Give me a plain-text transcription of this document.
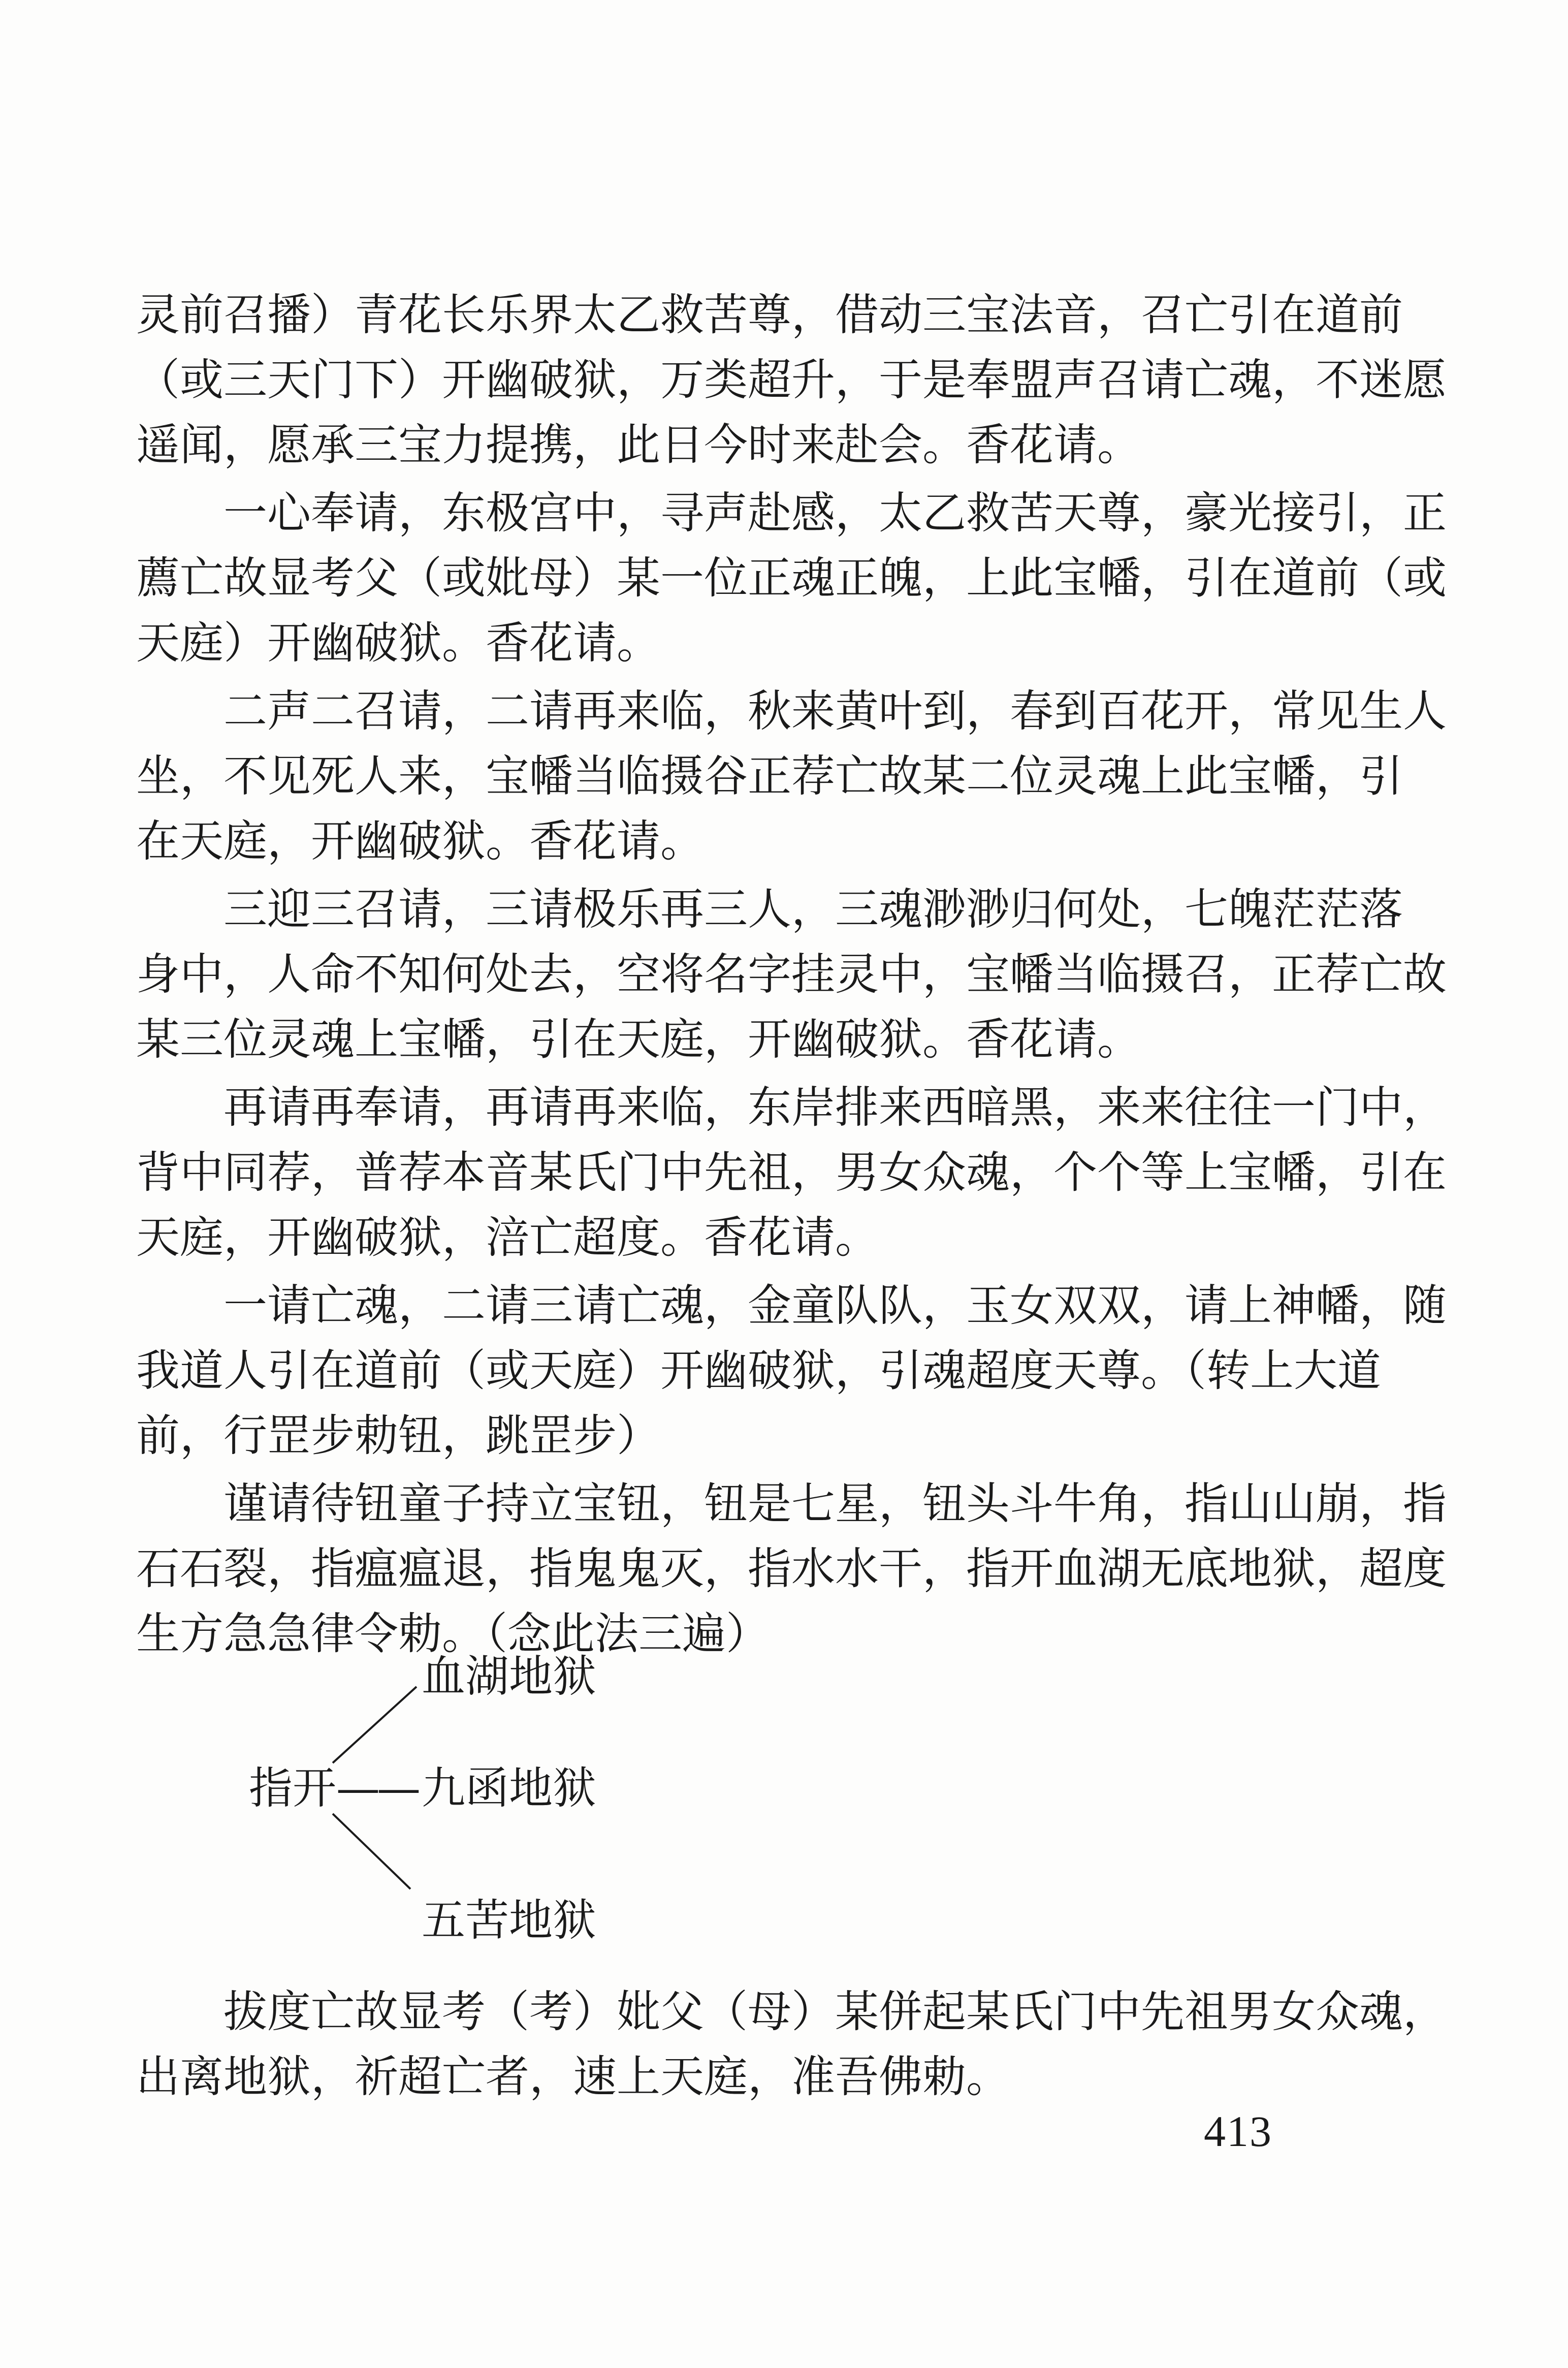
灵前召播）青花长乐界太乙救苦尊，借动三宝法音，召亡引在道前
（或三天门下）开幽破狱，万类超升，于是奉盟声召请亡魂，不迷愿
遥闻，愿承三宝力提携，此日今时来赴会。香花请。
一心奉请，东极宫中，寻声赴感，太乙救苦天尊，豪光接引，正
薦亡故显考父（或妣母）某一位正魂正魄，上此宝幡，引在道前（或
天庭）开幽破狱。香花请。
二声二召请，二请再来临，秋来黄叶到，春到百花开，常见生人
坐，不见死人来，宝幡当临摄谷正荐亡故某二位灵魂上此宝幡，引
在天庭，开幽破狱。香花请。
三迎三召请，三请极乐再三人，三魂渺渺归何处，七魄茫茫落
身中，人命不知何处去，空将名字挂灵中，宝幡当临摄召，正荐亡故
某三位灵魂上宝幡，引在天庭，开幽破狱。香花请。
再请再奉请，再请再来临，东岸排来西暗黑，来来往往一门中，
背中同荐，普荐本音某氏门中先祖，男女众魂，个个等上宝幡，引在
天庭，开幽破狱，涪亡超度。香花请。
一请亡魂，二请三请亡魂，金童队队，玉女双双，请上神幡，随
我道人引在道前（或天庭）开幽破狱，引魂超度天尊。（转上大道
前，行罡步勅钮，跳罡步）
谨请待钮童子持立宝钮，钮是七星，钮头斗牛角，指山山崩，指
石石裂，指瘟瘟退，指鬼鬼灭，指水水干，指开血湖无底地狱，超度
生方急急律令勅。（念此法三遍）
血湖地狱
指开 —— 九函地狱
五苦地狱
拔度亡故显考（考）妣父（母）某併起某氏门中先祖男女众魂，
出离地狱，祈超亡者，速上天庭，准吾佛勅。
413
